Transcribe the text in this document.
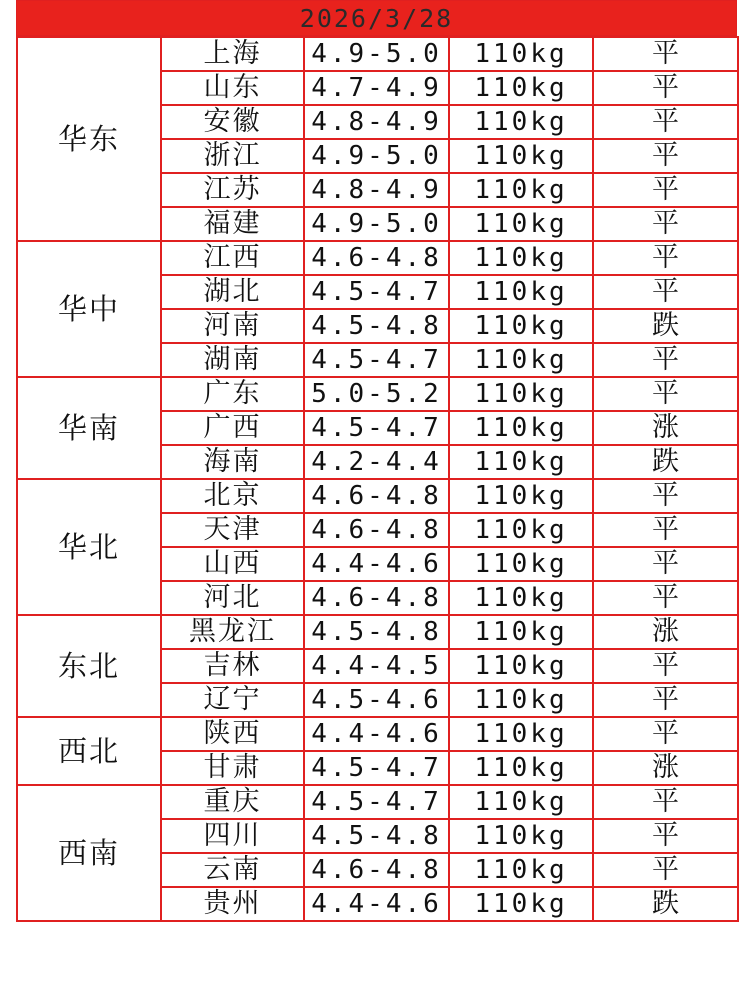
2026/3/28
华东	上海	4.9-5.0	110kg	平
	山东	4.7-4.9	110kg	平
	安徽	4.8-4.9	110kg	平
	浙江	4.9-5.0	110kg	平
	江苏	4.8-4.9	110kg	平
	福建	4.9-5.0	110kg	平
华中	江西	4.6-4.8	110kg	平
	湖北	4.5-4.7	110kg	平
	河南	4.5-4.8	110kg	跌
	湖南	4.5-4.7	110kg	平
华南	广东	5.0-5.2	110kg	平
	广西	4.5-4.7	110kg	涨
	海南	4.2-4.4	110kg	跌
华北	北京	4.6-4.8	110kg	平
	天津	4.6-4.8	110kg	平
	山西	4.4-4.6	110kg	平
	河北	4.6-4.8	110kg	平
东北	黑龙江	4.5-4.8	110kg	涨
	吉林	4.4-4.5	110kg	平
	辽宁	4.5-4.6	110kg	平
西北	陕西	4.4-4.6	110kg	平
	甘肃	4.5-4.7	110kg	涨
西南	重庆	4.5-4.7	110kg	平
	四川	4.5-4.8	110kg	平
	云南	4.6-4.8	110kg	平
	贵州	4.4-4.6	110kg	跌
